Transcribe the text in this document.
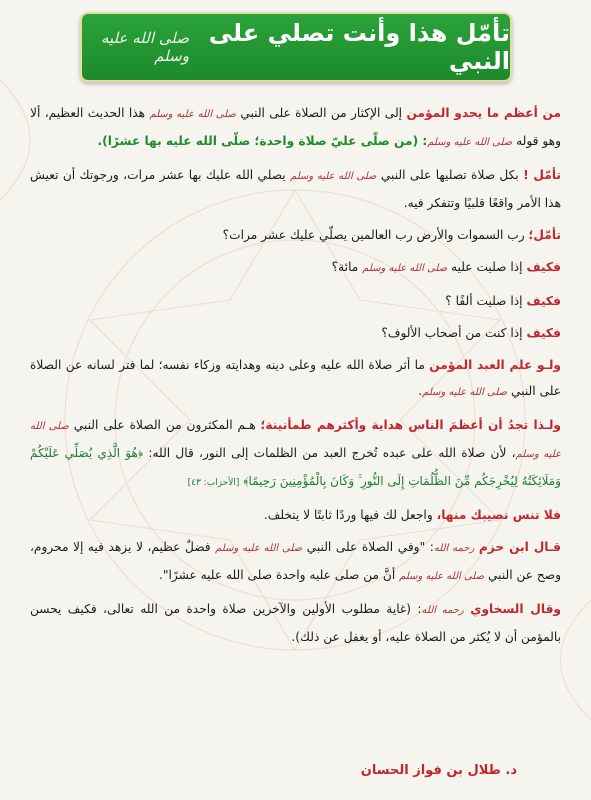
تأمّل هذا وأنت تصلي على النبي
صلى الله عليه وسلم

من أعظم ما يحدو المؤمن إلى الإكثار من الصلاة على النبي صلى الله عليه وسلم هذا الحديث العظيم، ألا وهو قوله صلى الله عليه وسلم: (من صلّى عليّ صلاة واحدة؛ صلّى الله عليه بها عشرًا).

تأمّل ! بكل صلاة تصليها على النبي صلى الله عليه وسلم يصلي الله عليك بها عشر مرات، ورجوتك أن تعيش هذا الأمر واقعًا قلبيًا وتتفكر فيه.

تأمّل؛ رب السموات والأرض رب العالمين يصلّي عليك عشر مرات؟

فكيف إذا صليت عليه صلى الله عليه وسلم مائة؟

فكيف إذا صليت ألفًا ؟

فكيف إذا كنت من أصحاب الألوف؟

ولـو علم العبد المؤمن ما أثر صلاة الله عليه وعلى دينه وهدايته وزكاء نفسه؛ لما فتر لسانه عن الصلاة على النبي صلى الله عليه وسلم.

ولـذا تجدُ أن أعظمَ الناس هداية وأكثرهم طمأنينة؛ هـم المكثرون من الصلاة على النبي صلى الله عليه وسلم، لأن صلاة الله على عبده تُخرج العبد من الظلمات إلى النور، قال الله: ﴿هُوَ الَّذِي يُصَلِّي عَلَيْكُمْ وَمَلَائِكَتُهُ لِيُخْرِجَكُم مِّنَ الظُّلُمَاتِ إِلَى النُّورِ ۚ وَكَانَ بِالْمُؤْمِنِينَ رَحِيمًا﴾ [الأحزاب: ٤٣]

فلا تنس نصيبك منها، واجعل لك فيها وردًا ثابتًا لا يتخلف.

قـال ابن حزم رحمه الله: "وفي الصلاة على النبي صلى الله عليه وسلم فضلٌ عظيم، لا يزهد فيه إلا محروم، وصح عن النبي صلى الله عليه وسلم أنَّ من صلى عليه واحدة صلى الله عليه عشرًا".

وقال السخاوي رحمه الله: (غاية مطلوب الأولين والآخرين صلاة واحدة من الله تعالى، فكيف يحسن بالمؤمن أن لا يُكثر من الصلاة عليه، أو يغفل عن ذلك).

د. طلال بن فواز الحسان
